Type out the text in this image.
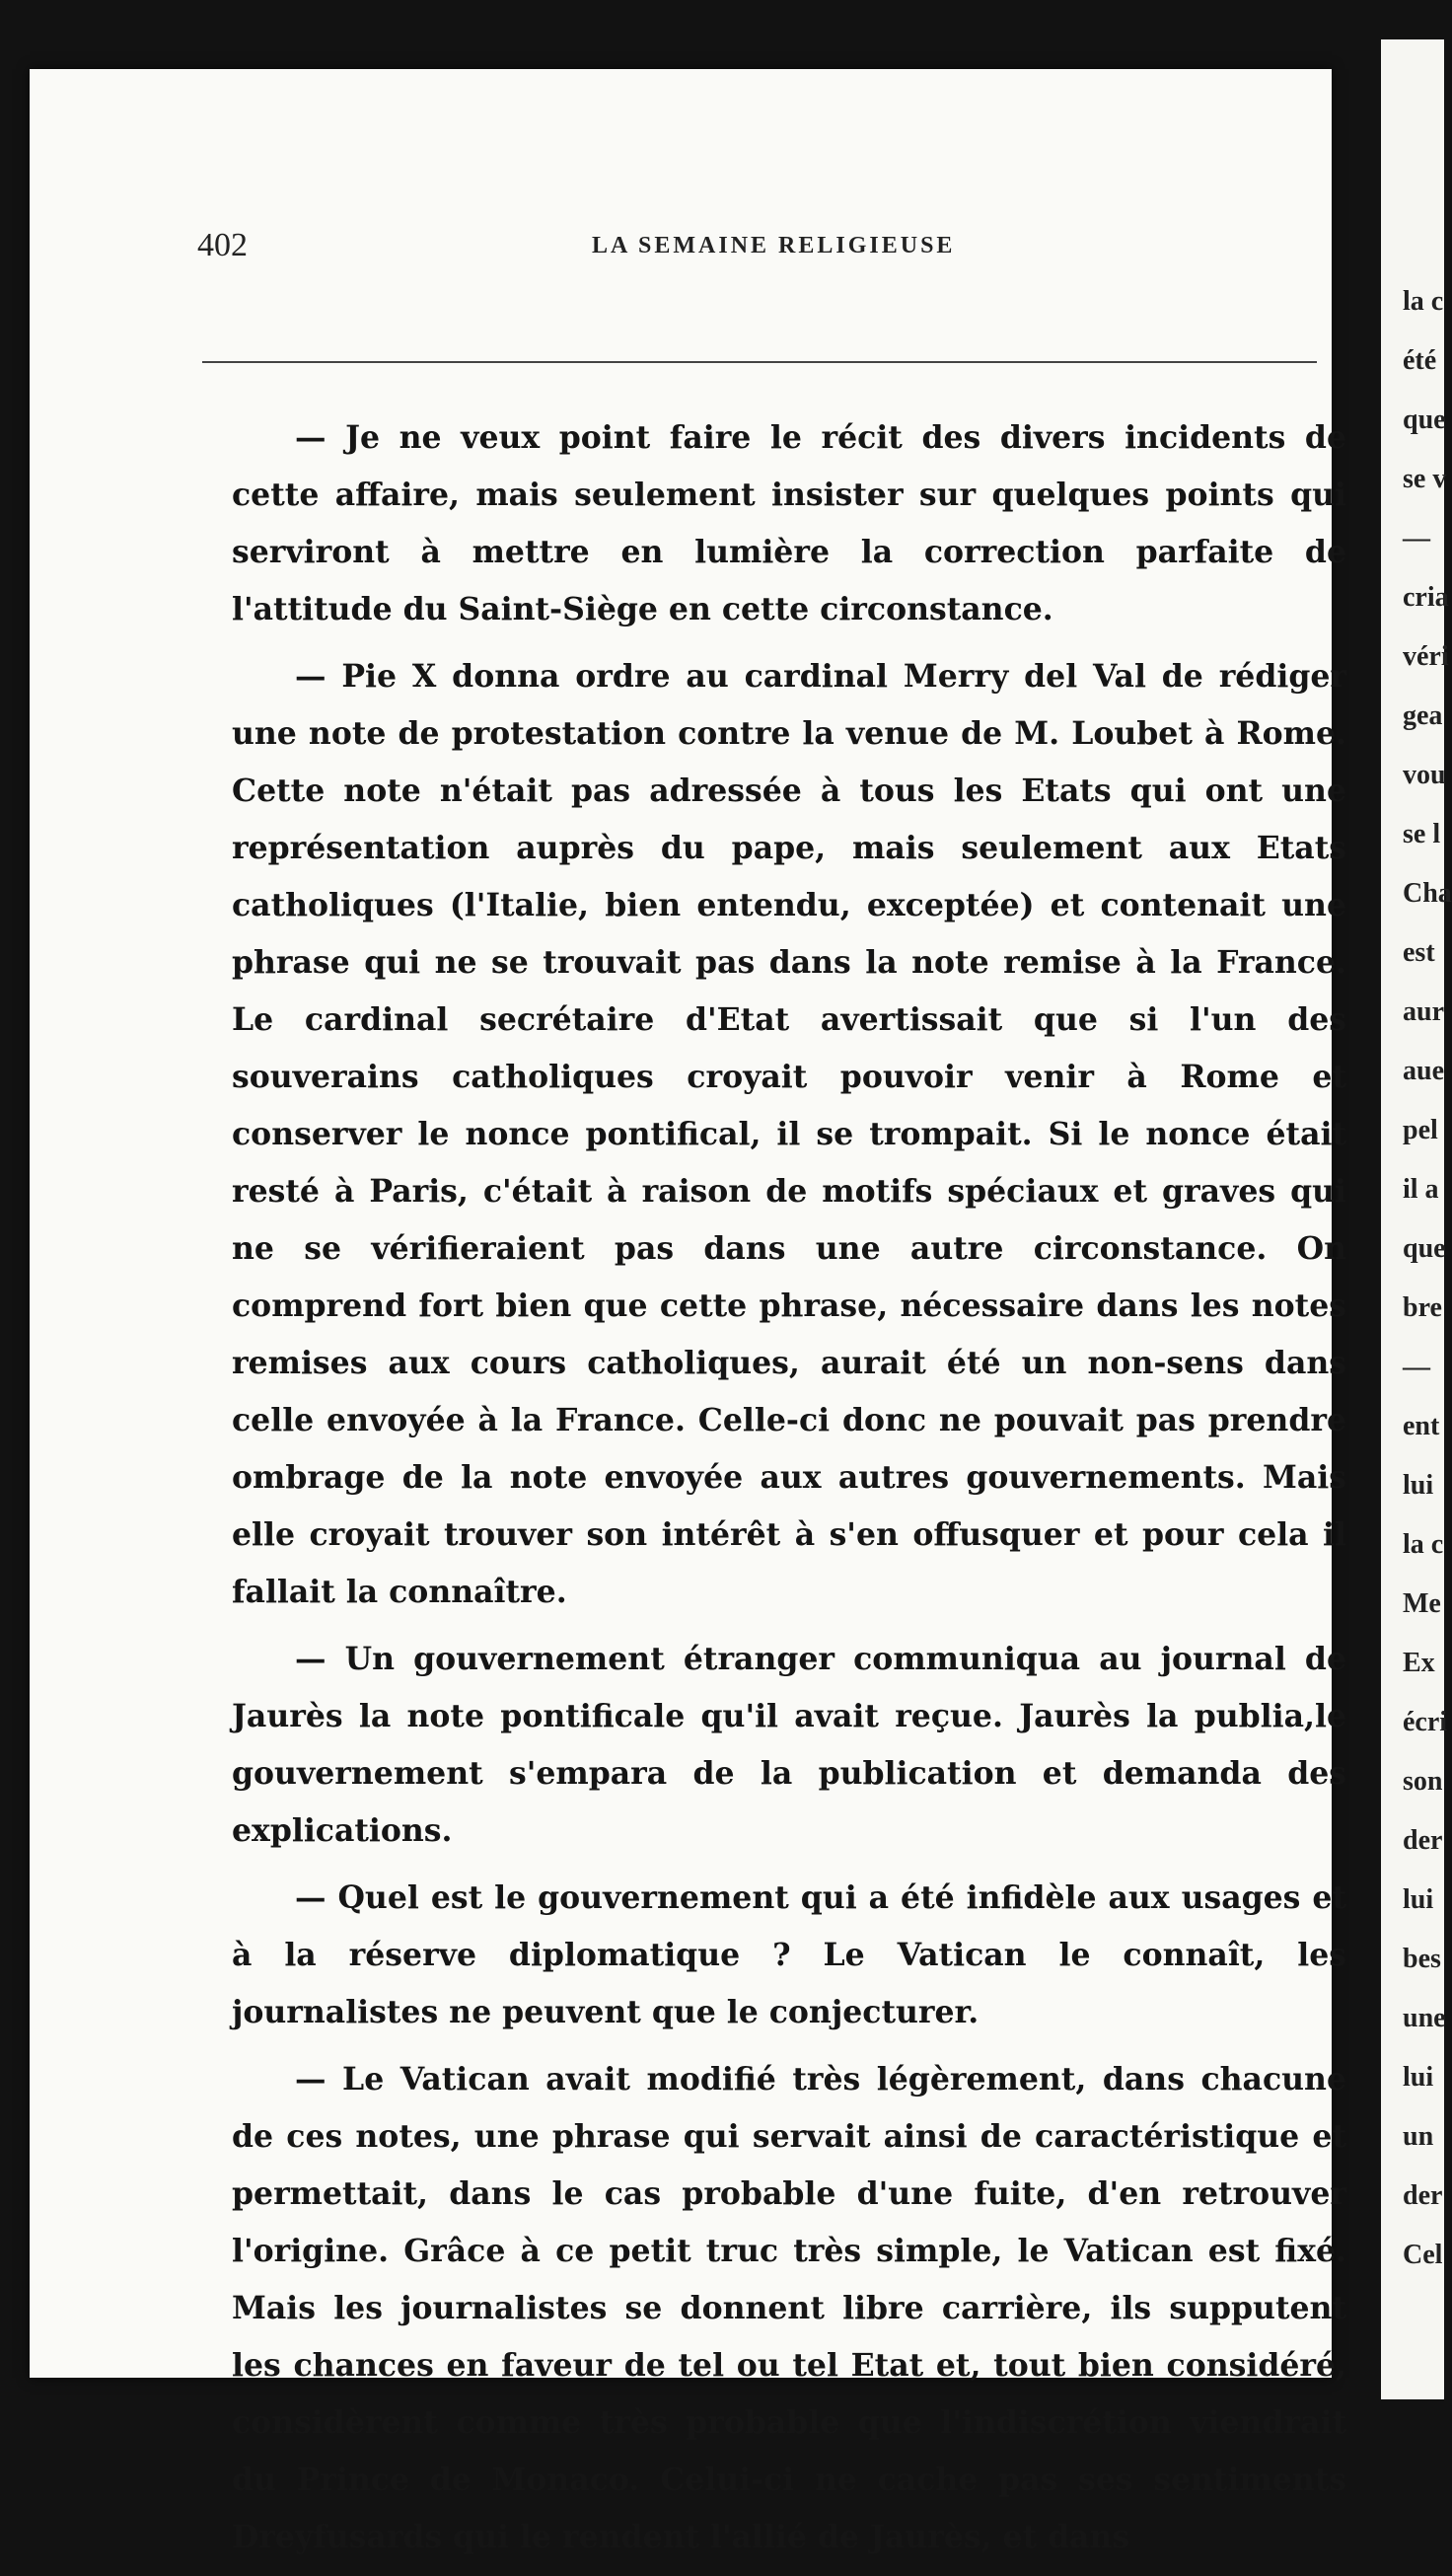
la c
été
que
se v
—
cria
véri
gea
vou
se l
Cha
est
aur
aue
pel
il a
que
bre
—
ent
lui
la c
Me
Ex
écri
son
der
lui
bes
une
lui
un
der
Cel
402	LA SEMAINE RELIGIEUSE

— Je ne veux point faire le récit des divers incidents de cette affaire, mais seulement insister sur quelques points qui serviront à mettre en lumière la correction parfaite de l'attitude du Saint-Siège en cette circonstance.

— Pie X donna ordre au cardinal Merry del Val de rédiger une note de protestation contre la venue de M. Loubet à Rome. Cette note n'était pas adressée à tous les Etats qui ont une représentation auprès du pape, mais seulement aux Etats catholiques (l'Italie, bien entendu, exceptée) et contenait une phrase qui ne se trouvait pas dans la note remise à la France. Le cardinal secrétaire d'Etat avertissait que si l'un des souverains catholiques croyait pouvoir venir à Rome et conserver le nonce pontifical, il se trompait. Si le nonce était resté à Paris, c'était à raison de motifs spéciaux et graves qui ne se vérifieraient pas dans une autre circonstance. On comprend fort bien que cette phrase, nécessaire dans les notes remises aux cours catholiques, aurait été un non-sens dans celle envoyée à la France. Celle-ci donc ne pouvait pas prendre ombrage de la note envoyée aux autres gouvernements. Mais elle croyait trouver son intérêt à s'en offusquer et pour cela il fallait la connaître.

— Un gouvernement étranger communiqua au journal de Jaurès la note pontificale qu'il avait reçue. Jaurès la publia,le gouvernement s'empara de la publication et demanda des explications.

— Quel est le gouvernement qui a été infidèle aux usages et à la réserve diplomatique ? Le Vatican le connaît, les journalistes ne peuvent que le conjecturer.

— Le Vatican avait modifié très légèrement, dans chacune de ces notes, une phrase qui servait ainsi de caractéristique et permettait, dans le cas probable d'une fuite, d'en retrouver l'origine. Grâce à ce petit truc très simple, le Vatican est fixé. Mais les journalistes se donnent libre carrière, ils supputent les chances en faveur de tel ou tel Etat et, tout bien considéré, considèrent comme très probable que l'indiscrétion viendrait du Prince de Monaco. Celui-ci ne cache pas ses sentiments Dreyfusards qui le rendent l'allié de Jaurès, et dans
